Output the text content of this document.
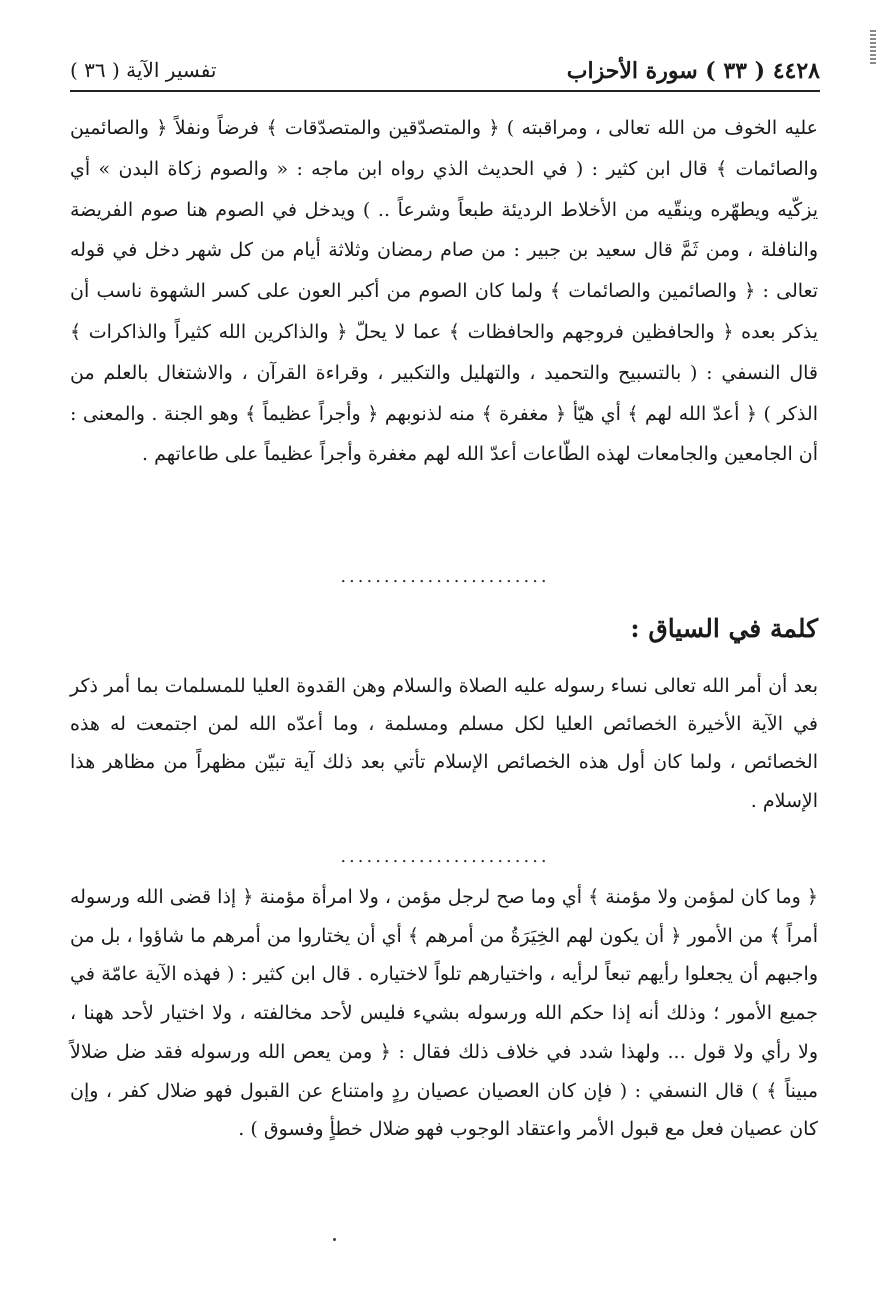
٤٤٢٨ ( ٣٣ ) سورة الأحزاب
تفسير الآية ( ٣٦ )

عليه الخوف من الله تعالى ، ومراقبته ) ﴿ والمتصدّقين والمتصدّقات ﴾ فرضاً ونفلاً ﴿ والصائمين والصائمات ﴾ قال ابن كثير : ( في الحديث الذي رواه ابن ماجه : « والصوم زكاة البدن » أي يزكّيه ويطهّره وينقّيه من الأخلاط الرديئة طبعاً وشرعاً .. ) ويدخل في الصوم هنا صوم الفريضة والنافلة ، ومن ثَمَّ قال سعيد بن جبير : من صام رمضان وثلاثة أيام من كل شهر دخل في قوله تعالى : ﴿ والصائمين والصائمات ﴾ ولما كان الصوم من أكبر العون على كسر الشهوة ناسب أن يذكر بعده ﴿ والحافظين فروجهم والحافظات ﴾ عما لا يحلّ ﴿ والذاكرين الله كثيراً والذاكرات ﴾ قال النسفي : ( بالتسبيح والتحميد ، والتهليل والتكبير ، وقراءة القرآن ، والاشتغال بالعلم من الذكر ) ﴿ أعدّ الله لهم ﴾ أي هيّأ ﴿ مغفرة ﴾ منه لذنوبهم ﴿ وأجراً عظيماً ﴾ وهو الجنة . والمعنى : أن الجامعين والجامعات لهذه الطّاعات أعدّ الله لهم مغفرة وأجراً عظيماً على طاعاتهم .

........................
كلمة في السياق :

بعد أن أمر الله تعالى نساء رسوله عليه الصلاة والسلام وهن القدوة العليا للمسلمات بما أمر ذكر في الآية الأخيرة الخصائص العليا لكل مسلم ومسلمة ، وما أعدّه الله لمن اجتمعت له هذه الخصائص ، ولما كان أول هذه الخصائص الإسلام تأتي بعد ذلك آية تبيّن مظهراً من مظاهر هذا الإسلام .

........................

﴿ وما كان لمؤمن ولا مؤمنة ﴾ أي وما صح لرجل مؤمن ، ولا امرأة مؤمنة ﴿ إذا قضى الله ورسوله أمراً ﴾ من الأمور ﴿ أن يكون لهم الخِيَرَةُ من أمرهم ﴾ أي أن يختاروا من أمرهم ما شاؤوا ، بل من واجبهم أن يجعلوا رأيهم تبعاً لرأيه ، واختيارهم تلواً لاختياره . قال ابن كثير : ( فهذه الآية عامّة في جميع الأمور ؛ وذلك أنه إذا حكم الله ورسوله بشيء فليس لأحد مخالفته ، ولا اختيار لأحد ههنا ، ولا رأي ولا قول ... ولهذا شدد في خلاف ذلك فقال : ﴿ ومن يعص الله ورسوله فقد ضل ضلالاً مبيناً ﴾ ) قال النسفي : ( فإن كان العصيان عصيان ردٍ وامتناع عن القبول فهو ضلال كفر ، وإن كان عصيان فعل مع قبول الأمر واعتقاد الوجوب فهو ضلال خطأٍ وفسوق ) .
